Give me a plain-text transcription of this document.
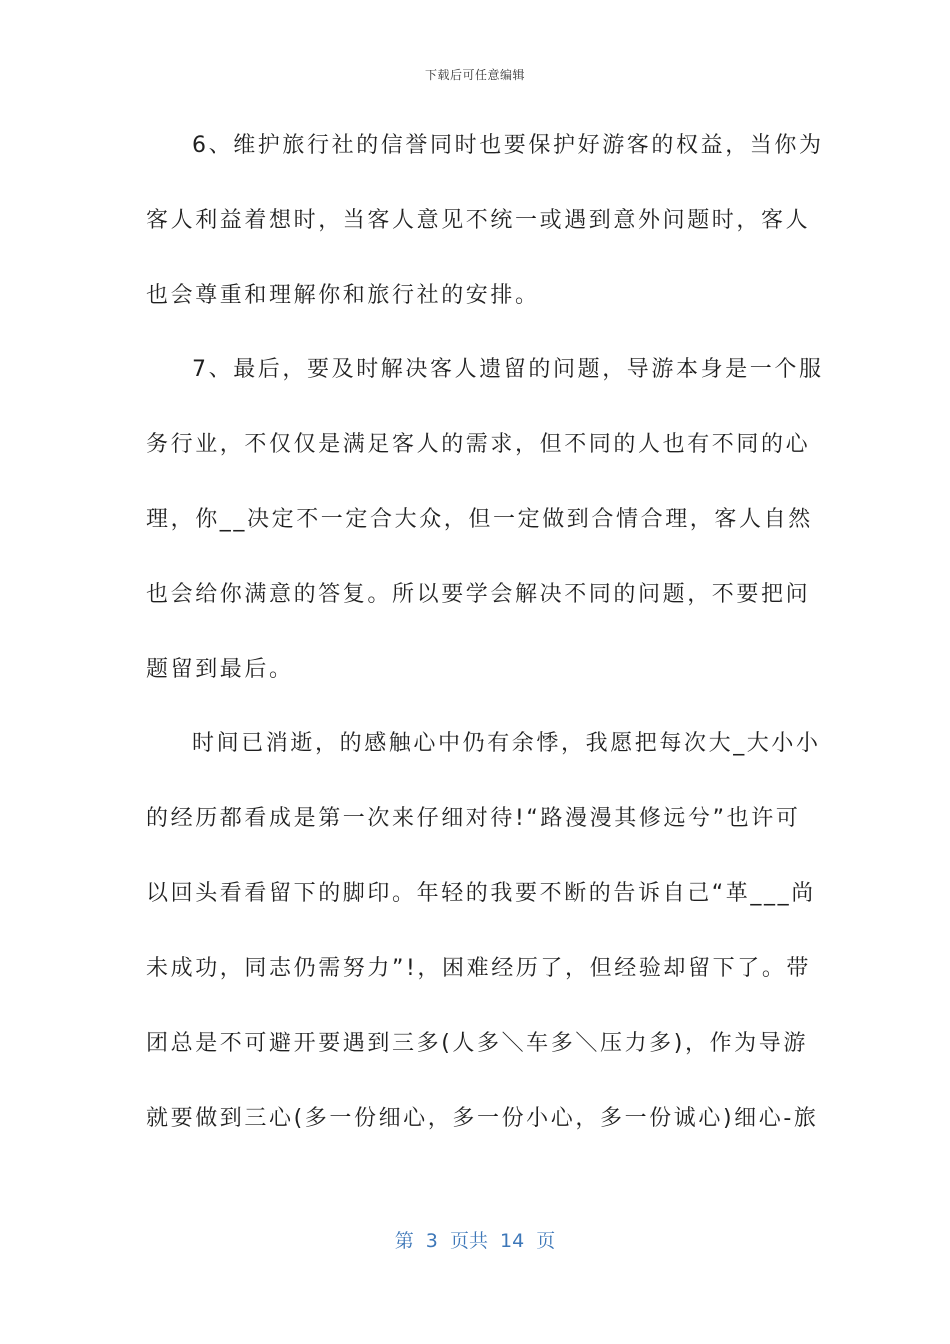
下载后可任意编辑
6、维护旅行社的信誉同时也要保护好游客的权益，当你为
客人利益着想时，当客人意见不统一或遇到意外问题时，客人
也会尊重和理解你和旅行社的安排。
7、最后，要及时解决客人遗留的问题，导游本身是一个服
务行业，不仅仅是满足客人的需求，但不同的人也有不同的心
理，你__决定不一定合大众，但一定做到合情合理，客人自然
也会给你满意的答复。所以要学会解决不同的问题，不要把问
题留到最后。
时间已消逝，的感触心中仍有余悸，我愿把每次大_大小小
的经历都看成是第一次来仔细对待!“路漫漫其修远兮”也许可
以回头看看留下的脚印。年轻的我要不断的告诉自己“革___尚
未成功，同志仍需努力”!，困难经历了，但经验却留下了。带
团总是不可避开要遇到三多(人多＼车多＼压力多)，作为导游
就要做到三心(多一份细心，多一份小心，多一份诚心)细心-旅
第  3  页共  14  页
